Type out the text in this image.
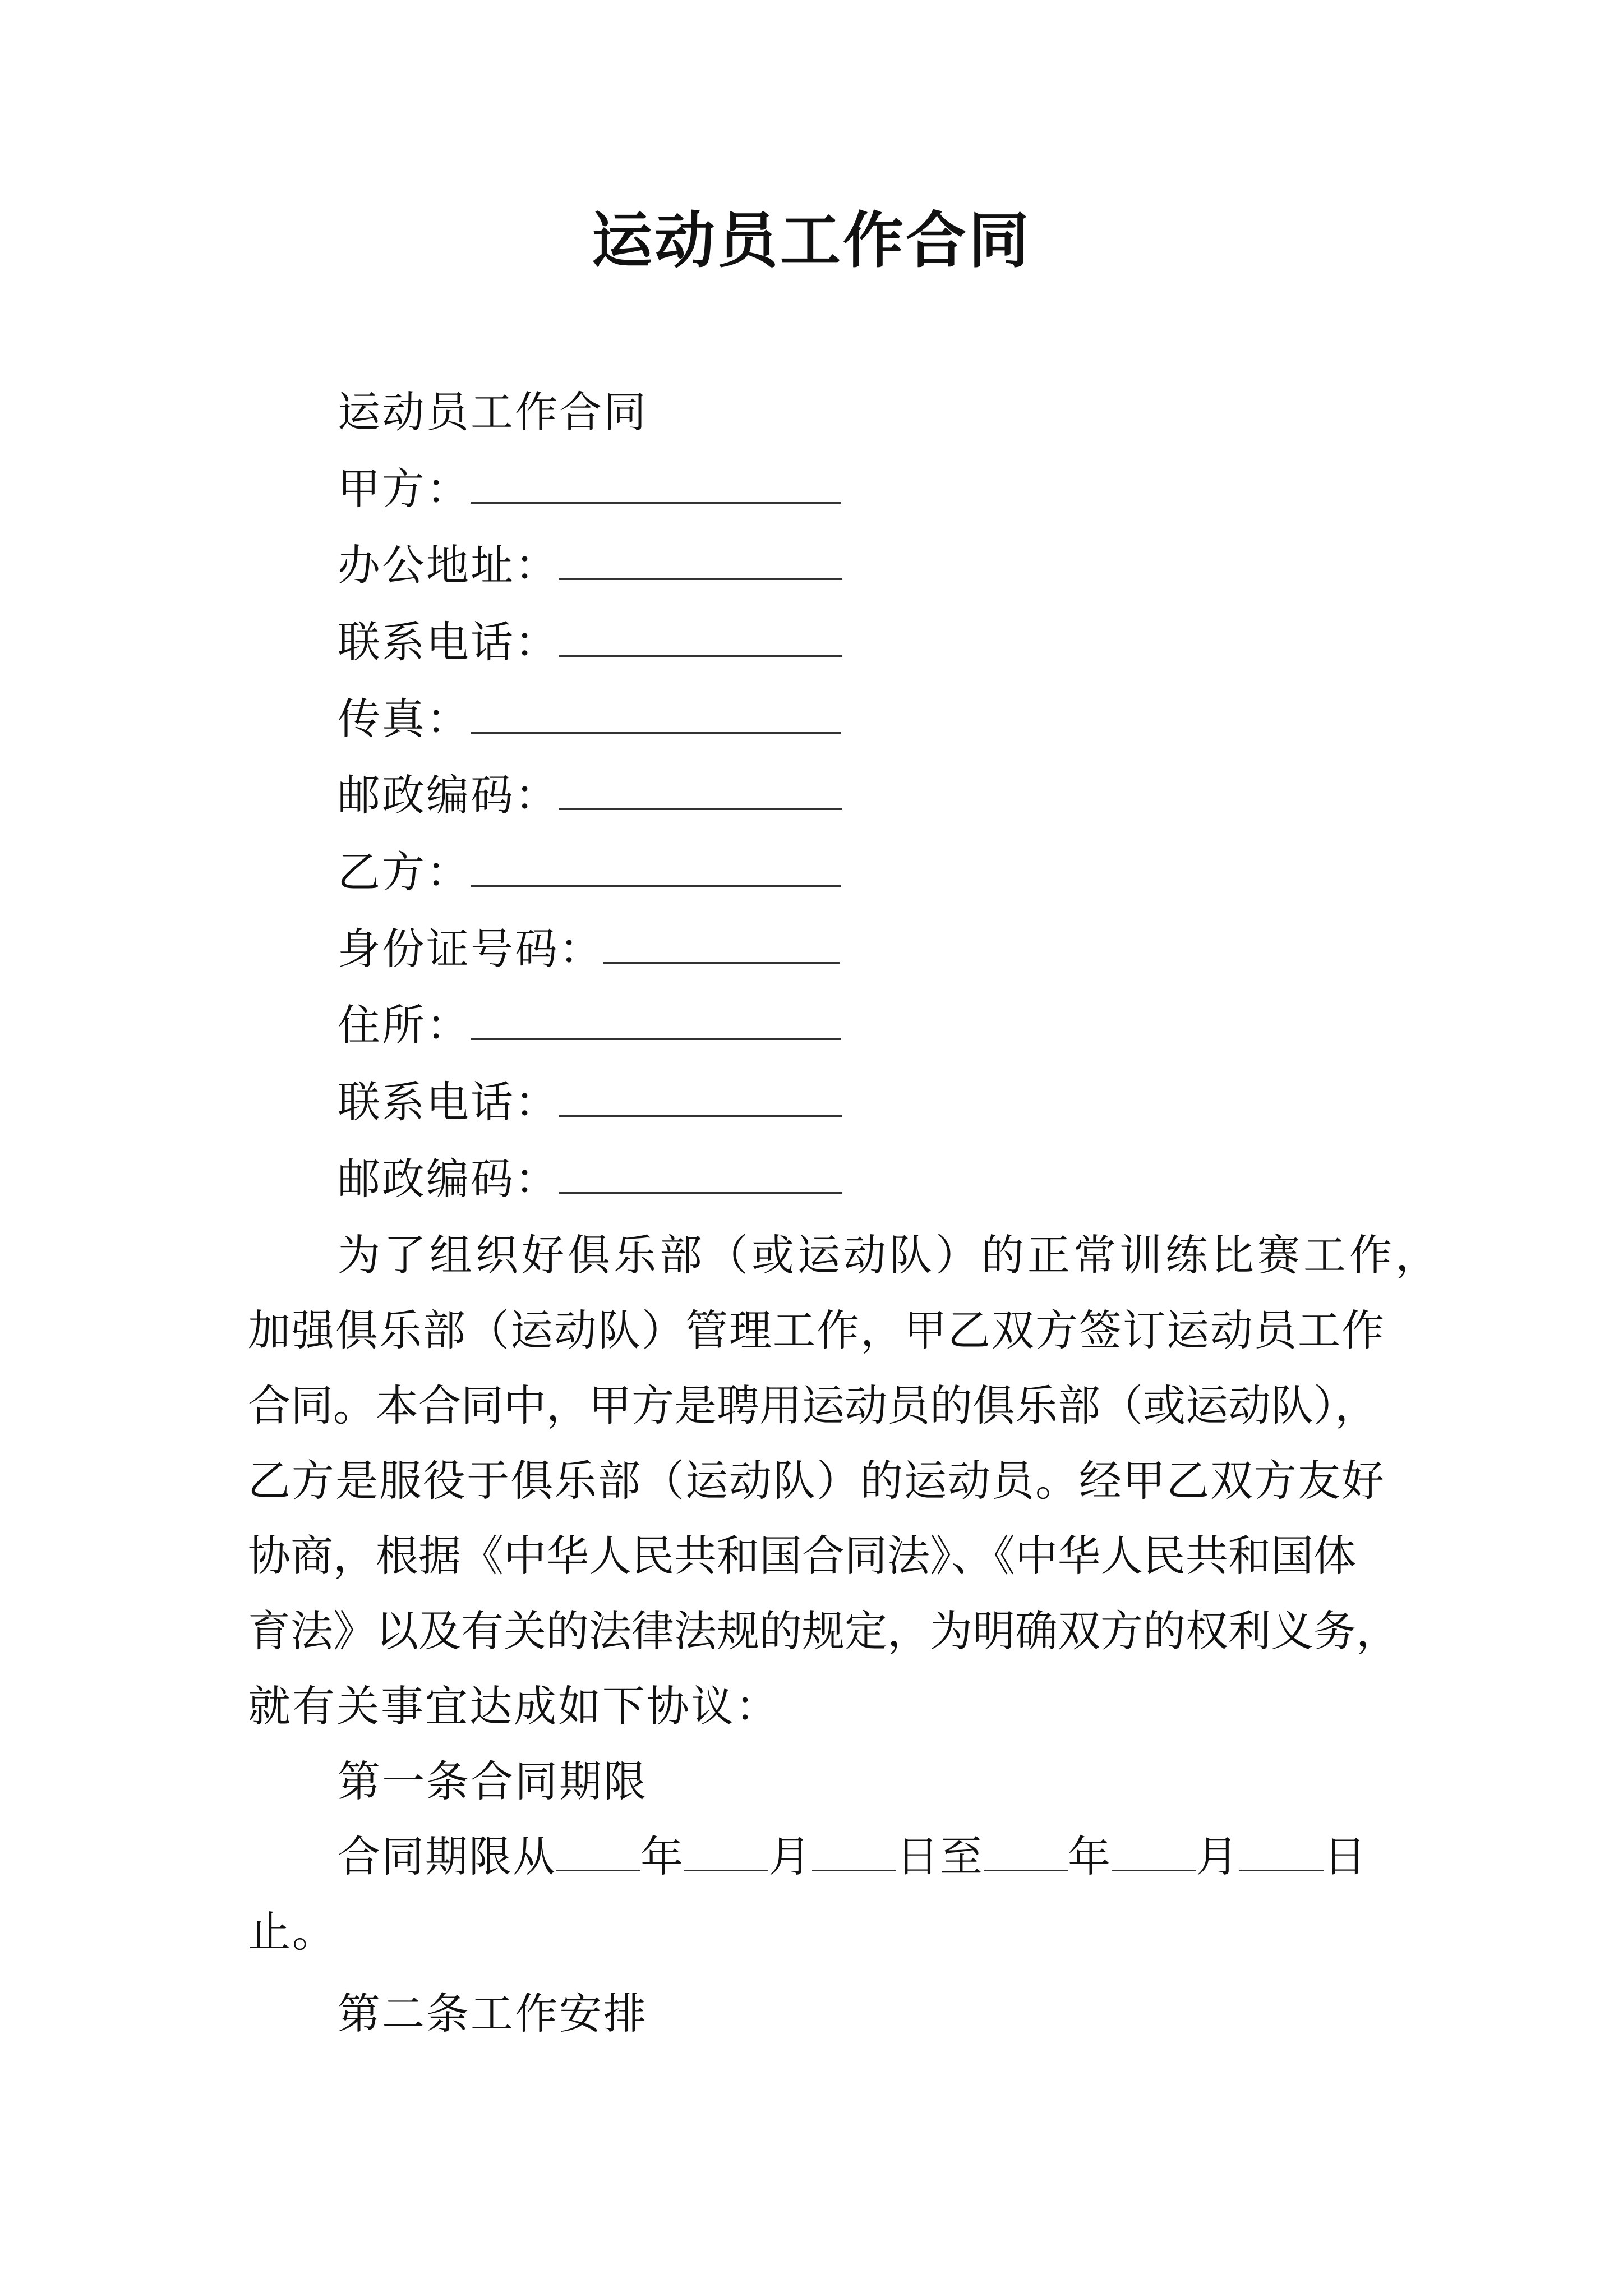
运动员工作合同
运动员工作合同
甲方：
办公地址：
联系电话：
传真：
邮政编码：
乙方：
身份证号码：
住所：
联系电话：
邮政编码：
为了组织好俱乐部（或运动队）的正常训练比赛工作，
加强俱乐部（运动队）管理工作，甲乙双方签订运动员工作
合同。本合同中，甲方是聘用运动员的俱乐部（或运动队），
乙方是服役于俱乐部（运动队）的运动员。经甲乙双方友好
协商，根据《中华人民共和国合同法》、《中华人民共和国体
育法》以及有关的法律法规的规定，为明确双方的权利义务，
就有关事宜达成如下协议：
第一条合同期限
合同期限从 年 月 日至 年 月 日
止。
第二条工作安排
